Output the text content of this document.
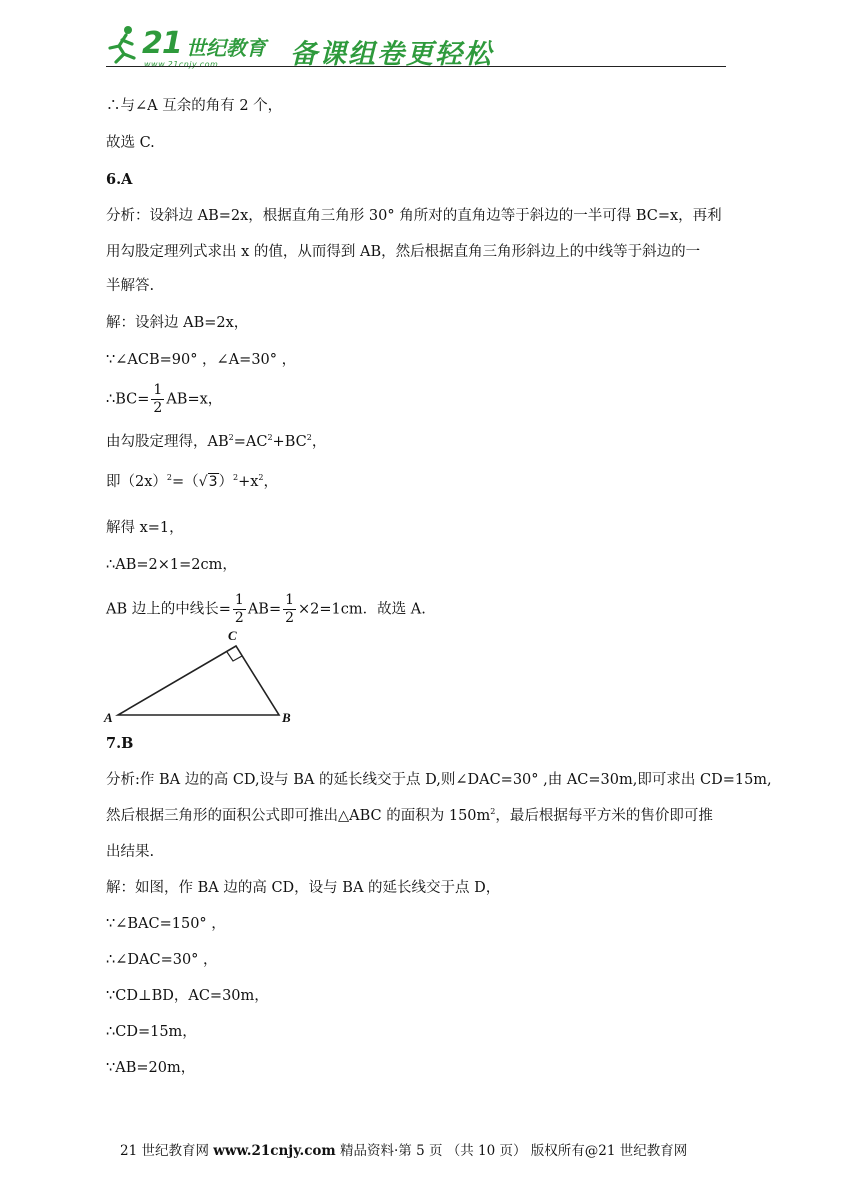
21 世纪教育
www.21cnjy.com	备课组卷更轻松
∴与∠A 互余的角有 2 个，
故选 C.
6.A
分析：设斜边 AB=2x，根据直角三角形 30° 角所对的直角边等于斜边的一半可得 BC=x，再利
用勾股定理列式求出 x 的值，从而得到 AB，然后根据直角三角形斜边上的中线等于斜边的一
半解答.
解：设斜边 AB=2x，
∵∠ACB=90° ，∠A=30° ，
∴BC= $\frac{1}{2} AB=x$，
由勾股定理得，$AB^2=AC^2+BC^2$，
即$(2x)^2=(√3)^2+x^2$，
解得 x=1，
∴AB=2×1=2cm，
AB 边上的中线长= $\frac{1}{2} AB= \frac{1}{2} \times 2=1cm$．故选 A.
A	B
C
7.B
分析:作 BA 边的高 CD,设与 BA 的延长线交于点 D,则∠DAC=30° ,由 AC=30m,即可求出 CD=15m,
然后根据三角形的面积公式即可推出△ABC 的面积为 $150m^2$，最后根据每平方米的售价即可推
出结果.
解：如图，作 BA 边的高 CD，设与 BA 的延长线交于点 D，
∵∠BAC=150° ，
∴∠DAC=30° ，
∵CD⊥BD，AC=30m，
∴CD=15m，
∵AB=20m，
21 世纪教育网 www.21cnjy.com 精品资料·第 5 页 （共 10 页） 版权所有@21 世纪教育网
